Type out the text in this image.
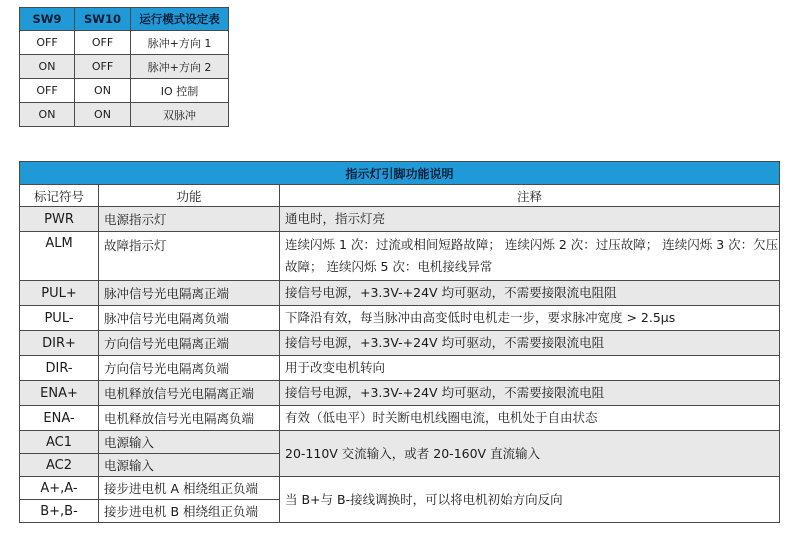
SW9	SW10	运行模式设定表
OFF	OFF	脉冲+方向 1
ON	OFF	脉冲+方向 2
OFF	ON	IO 控制
ON	ON	双脉冲
指示灯引脚功能说明		
标记符号	功能	注释
PWR	电源指示灯	通电时，指示灯亮
ALM	故障指示灯	连续闪烁 1 次：过流或相间短路故障； 连续闪烁 2 次：过压故障； 连续闪烁 3 次：欠压故障； 连续闪烁 5 次：电机接线异常
PUL+	脉冲信号光电隔离正端	接信号电源，+3.3V-+24V 均可驱动，不需要接限流电阻阻
PUL-	脉冲信号光电隔离负端	下降沿有效，每当脉冲由高变低时电机走一步，要求脉冲宽度 > 2.5μs
DIR+	方向信号光电隔离正端	接信号电源，+3.3V-+24V 均可驱动，不需要接限流电阻
DIR-	方向信号光电隔离负端	用于改变电机转向
ENA+	电机释放信号光电隔离正端	接信号电源，+3.3V-+24V 均可驱动，不需要接限流电阻
ENA-	电机释放信号光电隔离负端	有效（低电平）时关断电机线圈电流，电机处于自由状态
AC1	电源输入	20-110V 交流输入，或者 20-160V 直流输入
AC2	电源输入	
A+,A-	接步进电机 A 相绕组正负端	当 B+与 B-接线调换时，可以将电机初始方向反向
B+,B-	接步进电机 B 相绕组正负端	
